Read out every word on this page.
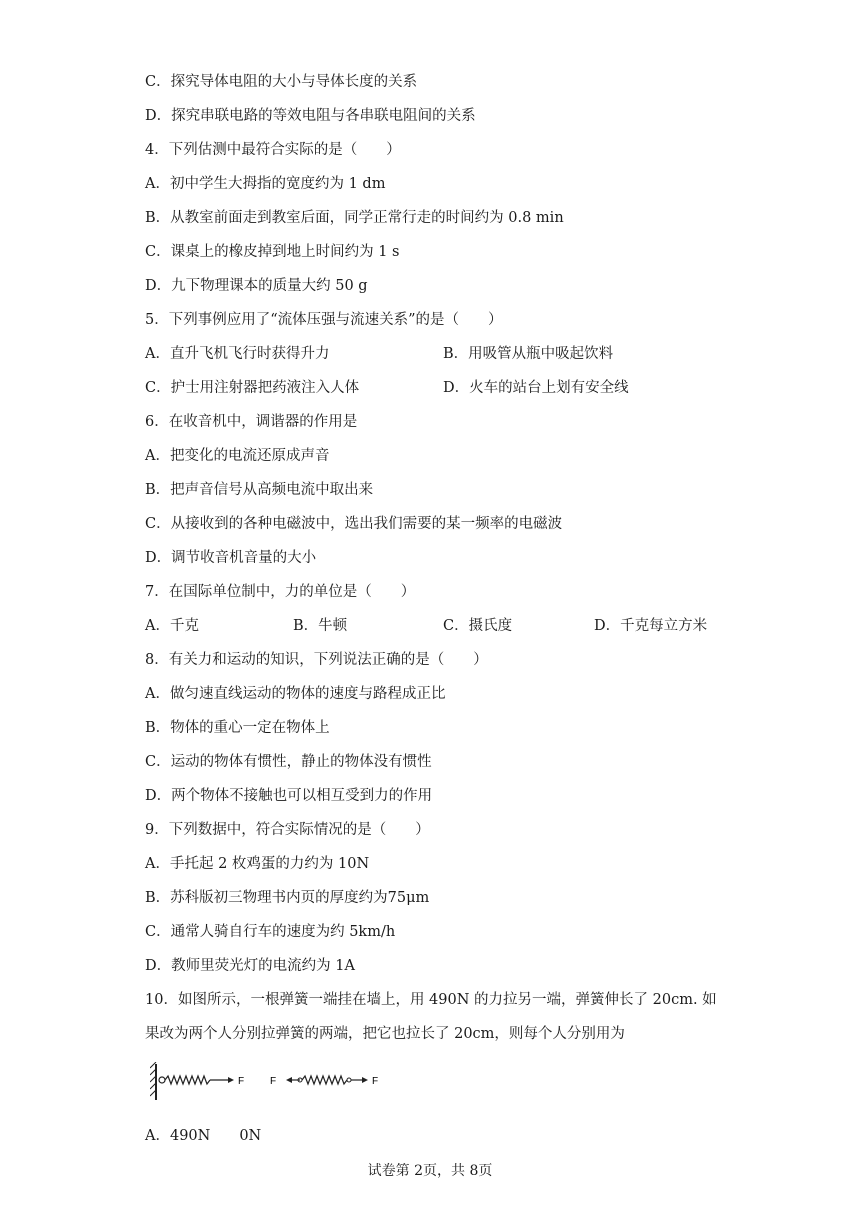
C．探究导体电阻的大小与导体长度的关系
D．探究串联电路的等效电阻与各串联电阻间的关系
4．下列估测中最符合实际的是（　　）
A．初中学生大拇指的宽度约为 1 dm
B．从教室前面走到教室后面，同学正常行走的时间约为 0.8 min
C．课桌上的橡皮掉到地上时间约为 1 s
D．九下物理课本的质量大约 50 g
5．下列事例应用了“流体压强与流速关系”的是（　　）
A．直升飞机飞行时获得升力	B．用吸管从瓶中吸起饮料
C．护士用注射器把药液注入人体	D．火车的站台上划有安全线
6．在收音机中，调谐器的作用是
A．把变化的电流还原成声音
B．把声音信号从高频电流中取出来
C．从接收到的各种电磁波中，选出我们需要的某一频率的电磁波
D．调节收音机音量的大小
7．在国际单位制中，力的单位是（　　）
A．千克	B．牛顿	C．摄氏度	D．千克每立方米
8．有关力和运动的知识，下列说法正确的是（　　）
A．做匀速直线运动的物体的速度与路程成正比
B．物体的重心一定在物体上
C．运动的物体有惯性，静止的物体没有惯性
D．两个物体不接触也可以相互受到力的作用
9．下列数据中，符合实际情况的是（　　）
A．手托起 2 枚鸡蛋的力约为 10N
B．苏科版初三物理书内页的厚度约为75μm
C．通常人骑自行车的速度为约 5km/h
D．教师里荧光灯的电流约为 1A
10．如图所示，一根弹簧一端挂在墙上，用 490N 的力拉另一端，弹簧伸长了 20cm. 如
果改为两个人分别拉弹簧的两端，把它也拉长了 20cm，则每个人分别用为
F	F	F
A．490N　　0N
试卷第 2页，共 8页
